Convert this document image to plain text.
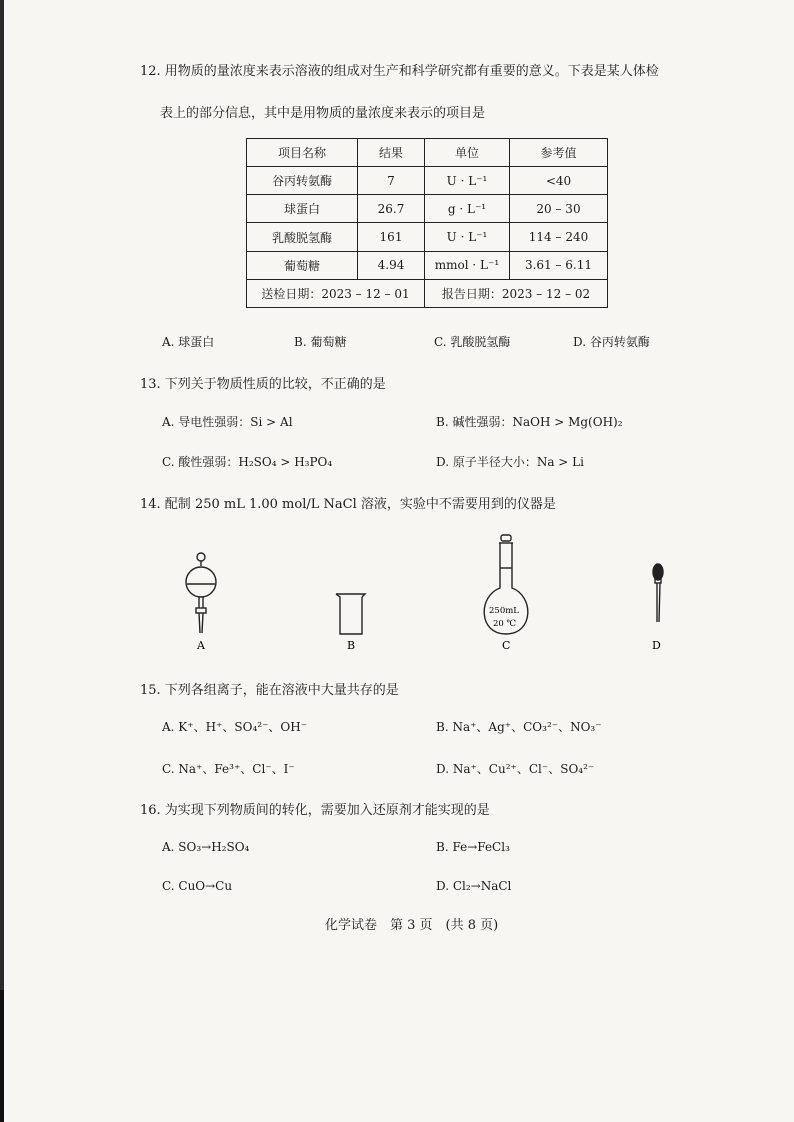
12. 用物质的量浓度来表示溶液的组成对生产和科学研究都有重要的意义。下表是某人体检
表上的部分信息，其中是用物质的量浓度来表示的项目是
项目名称	结果	单位	参考值
谷丙转氨酶	7	U · L⁻¹	<40
球蛋白	26.7	g · L⁻¹	20 – 30
乳酸脱氢酶	161	U · L⁻¹	114 – 240
葡萄糖	4.94	mmol · L⁻¹	3.61 – 6.11
送检日期：2023 – 12 – 01		报告日期：2023 – 12 – 02	
A. 球蛋白	B. 葡萄糖	C. 乳酸脱氢酶	D. 谷丙转氨酶
13. 下列关于物质性质的比较，不正确的是
A. 导电性强弱：Si > Al	B. 碱性强弱：NaOH > Mg(OH)₂
C. 酸性强弱：H₂SO₄ > H₃PO₄	D. 原子半径大小：Na > Li
14. 配制 250 mL 1.00 mol/L NaCl 溶液，实验中不需要用到的仪器是
A	B
250mL
20 ℃
C	D
15. 下列各组离子，能在溶液中大量共存的是
A. K⁺、H⁺、SO₄²⁻、OH⁻	B. Na⁺、Ag⁺、CO₃²⁻、NO₃⁻
C. Na⁺、Fe³⁺、Cl⁻、I⁻	D. Na⁺、Cu²⁺、Cl⁻、SO₄²⁻
16. 为实现下列物质间的转化，需要加入还原剂才能实现的是
A. SO₃→H₂SO₄	B. Fe→FeCl₃
C. CuO→Cu	D. Cl₂→NaCl
化学试卷　第 3 页　(共 8 页)
